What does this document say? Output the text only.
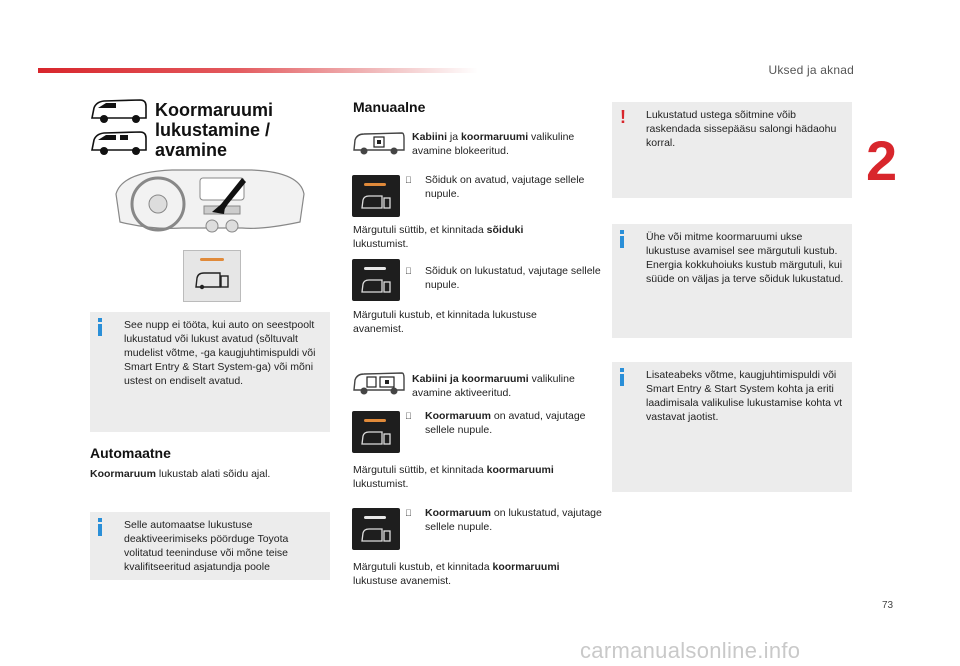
Uksed ja aknad
2
Koormaruumi lukustamine / avamine
See nupp ei tööta, kui auto on seestpoolt lukustatud või lukust avatud (sõltuvalt mudelist võtme, -ga kaugjuhtimispuldi või Smart Entry & Start System-ga) või mõni ustest on endiselt avatud.
Automaatne
Koormaruum lukustab alati sõidu ajal.
Selle automaatse lukustuse deaktiveerimiseks pöörduge Toyota volitatud teeninduse või mõne teise kvalifitseeritud asjatundja poole
Manuaalne
Kabiini ja koormaruumi valikuline avamine blokeeritud.
Sõiduk on avatud, vajutage sellele nupule.
Märgutuli süttib, et kinnitada sõiduki lukustumist.
Sõiduk on lukustatud, vajutage sellele nupule.
Märgutuli kustub, et kinnitada lukustuse avanemist.
Kabiini ja koormaruumi valikuline avamine aktiveeritud.
Koormaruum on avatud, vajutage sellele nupule.
Märgutuli süttib, et kinnitada koormaruumi lukustumist.
Koormaruum on lukustatud, vajutage sellele nupule.
Märgutuli kustub, et kinnitada koormaruumi lukustuse avanemist.
! Lukustatud ustega sõitmine võib raskendada sissepääsu salongi hädaohu korral.
Ühe või mitme koormaruumi ukse lukustuse avamisel see märgutuli kustub.
Energia kokkuhoiuks kustub märgutuli, kui süüde on väljas ja terve sõiduk lukustatud.
Lisateabeks võtme, kaugjuhtimispuldi või Smart Entry & Start System kohta ja eriti laadimisala valikulise lukustamise kohta vt vastavat jaotist.
73
carmanualsonline.info
